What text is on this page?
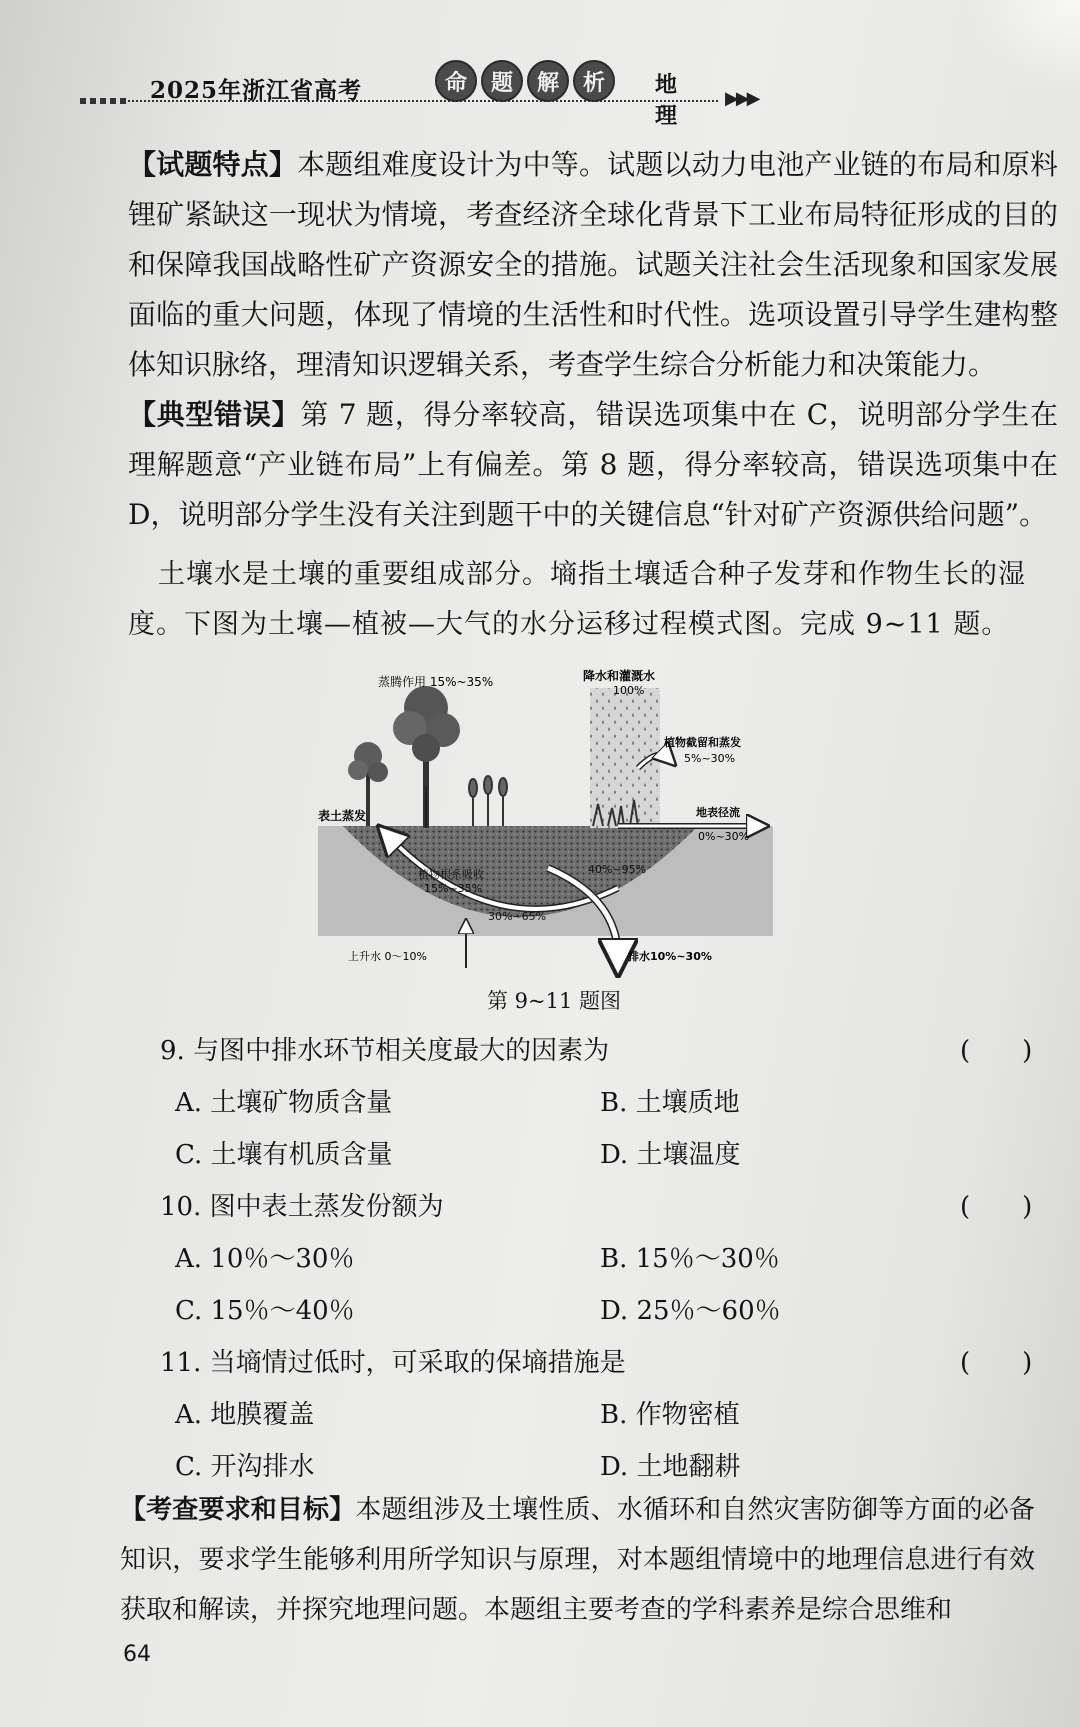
2025年浙江省高考	命	题	解	析	地理
▶▶▶
【试题特点】本题组难度设计为中等。试题以动力电池产业链的布局和原料锂矿紧缺这一现状为情境，考查经济全球化背景下工业布局特征形成的目的和保障我国战略性矿产资源安全的措施。试题关注社会生活现象和国家发展面临的重大问题，体现了情境的生活性和时代性。选项设置引导学生建构整体知识脉络，理清知识逻辑关系，考查学生综合分析能力和决策能力。
【典型错误】第 7 题，得分率较高，错误选项集中在 C，说明部分学生在理解题意“产业链布局”上有偏差。第 8 题，得分率较高，错误选项集中在 D，说明部分学生没有关注到题干中的关键信息“针对矿产资源供给问题”。
土壤水是土壤的重要组成部分。墒指土壤适合种子发芽和作物生长的湿度。下图为土壤—植被—大气的水分运移过程模式图。完成 9~11 题。
蒸腾作用 15%~35%	降水和灌溉水
100%
植物截留和蒸发
5%~30%
表土蒸发	地表径流
0%~30%
40%~95%
植物根系吸收
15%~35%
30%~65%
上升水 0～10%	排水10%~30%
第 9~11 题图
9. 与图中排水环节相关度最大的因素为	(　　)
A. 土壤矿物质含量	B. 土壤质地
C. 土壤有机质含量	D. 土壤温度
10. 图中表土蒸发份额为	(　　)
A. 10％～30％	B. 15％～30％
C. 15％～40％	D. 25％～60％
11. 当墒情过低时，可采取的保墒措施是	(　　)
A. 地膜覆盖	B. 作物密植
C. 开沟排水	D. 土地翻耕
【考查要求和目标】本题组涉及土壤性质、水循环和自然灾害防御等方面的必备知识，要求学生能够利用所学知识与原理，对本题组情境中的地理信息进行有效获取和解读，并探究地理问题。本题组主要考查的学科素养是综合思维和
64
